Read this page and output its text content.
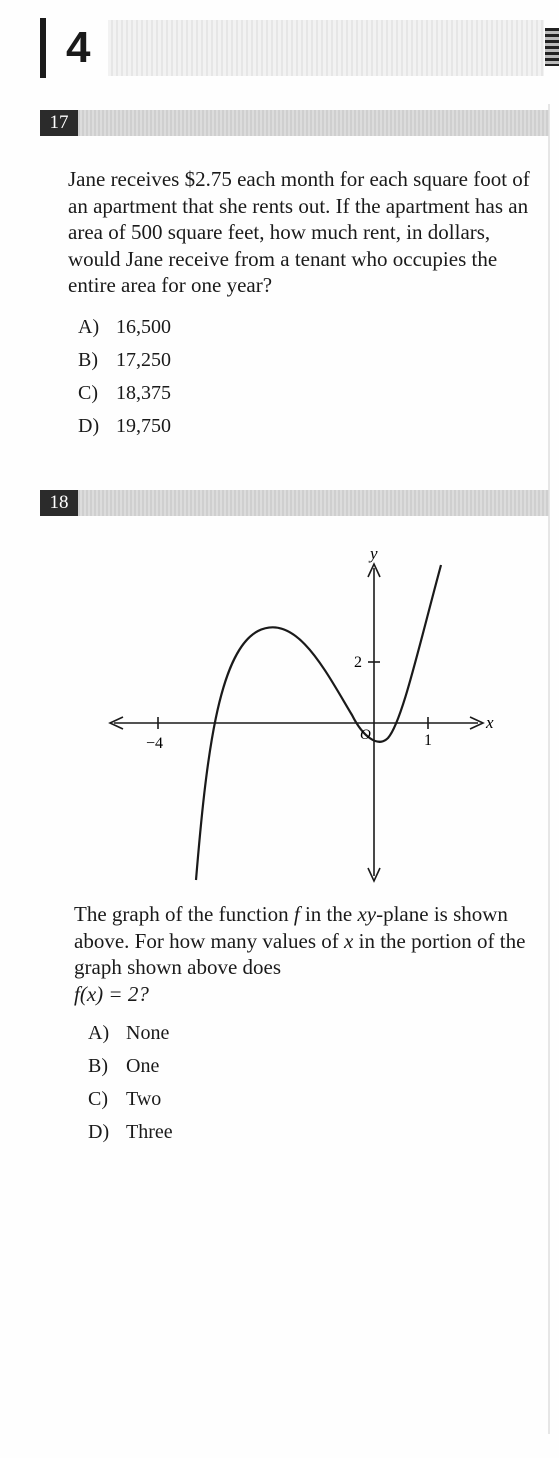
4
17
Jane receives $2.75 each month for each square foot of an apartment that she rents out. If the apartment has an area of 500 square feet, how much rent, in dollars, would Jane receive from a tenant who occupies the entire area for one year?
A) 16,500
B) 17,250
C) 18,375
D) 19,750
18
y
x
O
−4	1
2
The graph of the function f in the xy-plane is shown above. For how many values of x in the portion of the graph shown above does
f(x) = 2?
A) None
B) One
C) Two
D) Three
